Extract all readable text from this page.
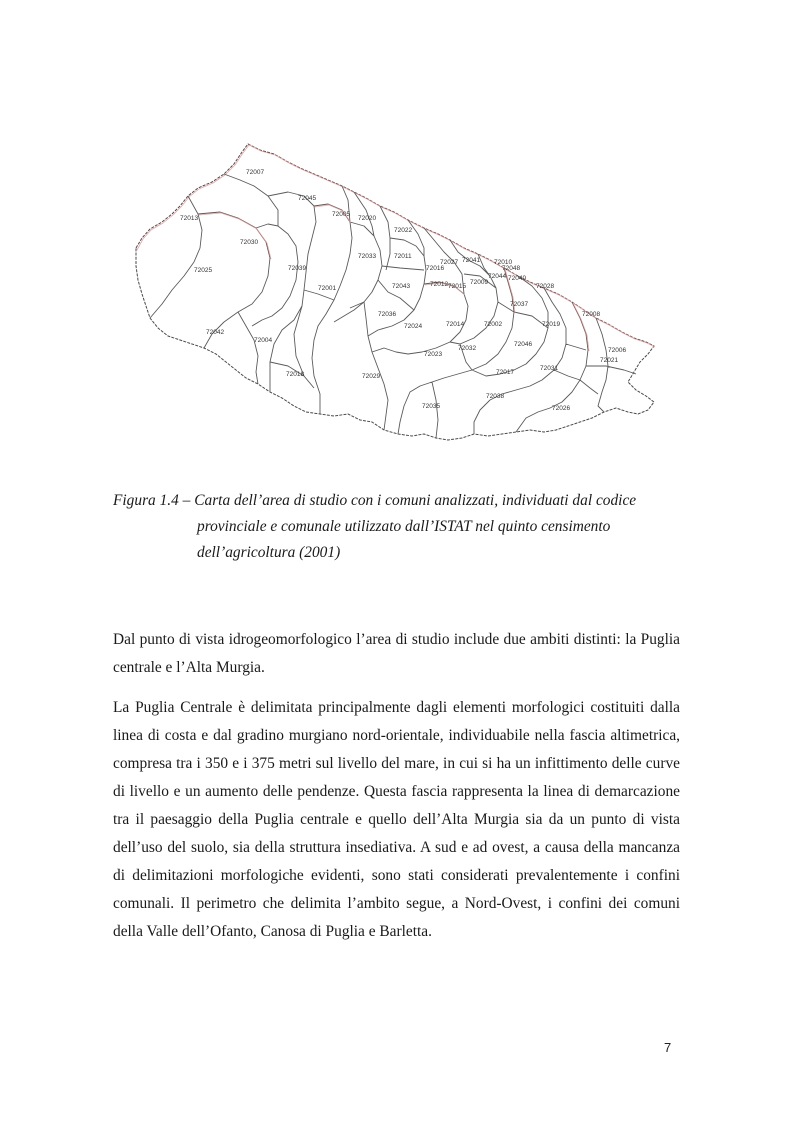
72007
72013
72045
72005
72020
72030
72022
72025	72039
72033	72011
72016
72027 72041 72010
72048
72001	72043	72012 72015
72044 72040
72009
72037
72028
72036
72042
72024	72014	72002	72019
72046
72008
72032
72023
72004
72018	72029
72017
72021
72031
72006
72035
72038
72026
Figura 1.4 – Carta dell’area di studio con i comuni analizzati, individuati dal codice
provinciale e comunale utilizzato dall’ISTAT nel quinto censimento
dell’agricoltura (2001)

Dal punto di vista idrogeomorfologico l’area di studio include due ambiti distinti: la Puglia centrale e l’Alta Murgia.

La Puglia Centrale è delimitata principalmente dagli elementi morfologici costituiti dalla linea di costa e dal gradino murgiano nord-orientale, individuabile nella fascia altimetrica, compresa tra i 350 e i 375 metri sul livello del mare, in cui si ha un infittimento delle curve di livello e un aumento delle pendenze. Questa fascia rappresenta la linea di demarcazione tra il paesaggio della Puglia centrale e quello dell’Alta Murgia sia da un punto di vista dell’uso del suolo, sia della struttura insediativa. A sud e ad ovest, a causa della mancanza di delimitazioni morfologiche evidenti, sono stati considerati prevalentemente i confini comunali. Il perimetro che delimita l’ambito segue, a Nord-Ovest, i confini dei comuni della Valle dell’Ofanto, Canosa di Puglia e Barletta.

7
